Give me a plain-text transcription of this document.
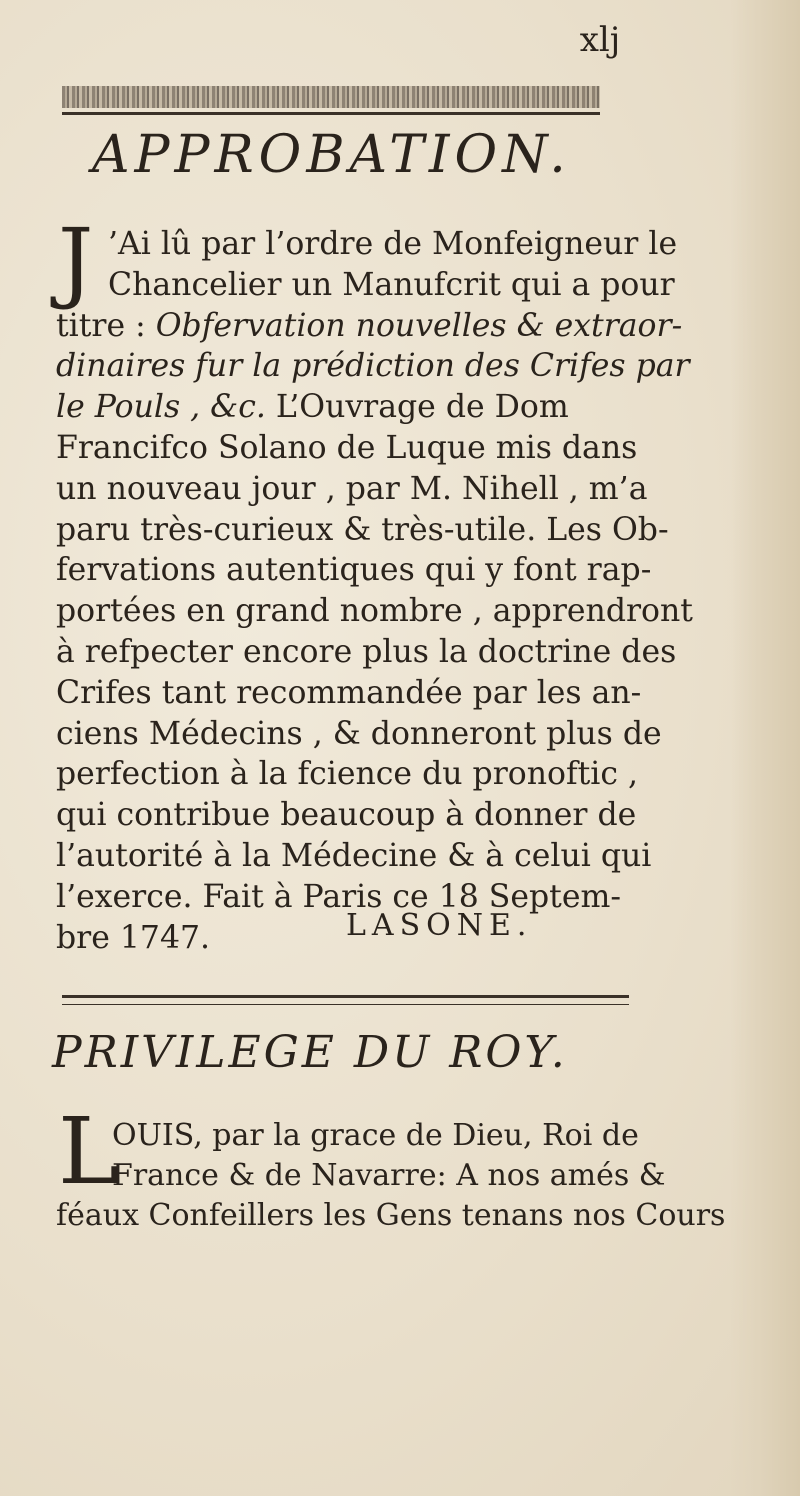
xlj
APPROBATION.
J ’Ai lû par l’ordre de Monfeigneur le
Chancelier un Manufcrit qui a pour
titre : Obfervation nouvelles & extraor-
dinaires fur la prédiction des Crifes par
le Pouls , &c. L’Ouvrage de Dom
Francifco Solano de Luque mis dans
un nouveau jour , par M. Nihell , m’a
paru très-curieux & très-utile. Les Ob-
fervations autentiques qui y font rap-
portées en grand nombre , apprendront
à refpecter encore plus la doctrine des
Crifes tant recommandée par les an-
ciens Médecins , & donneront plus de
perfection à la fcience du pronoftic ,
qui contribue beaucoup à donner de
l’autorité à la Médecine & à celui qui
l’exerce. Fait à Paris ce 18 Septem-
bre 1747.	LASONE.
PRIVILEGE DU ROY.
L
OUIS, par la grace de Dieu, Roi de
France & de Navarre: A nos amés &
féaux Confeillers les Gens tenans nos Cours
